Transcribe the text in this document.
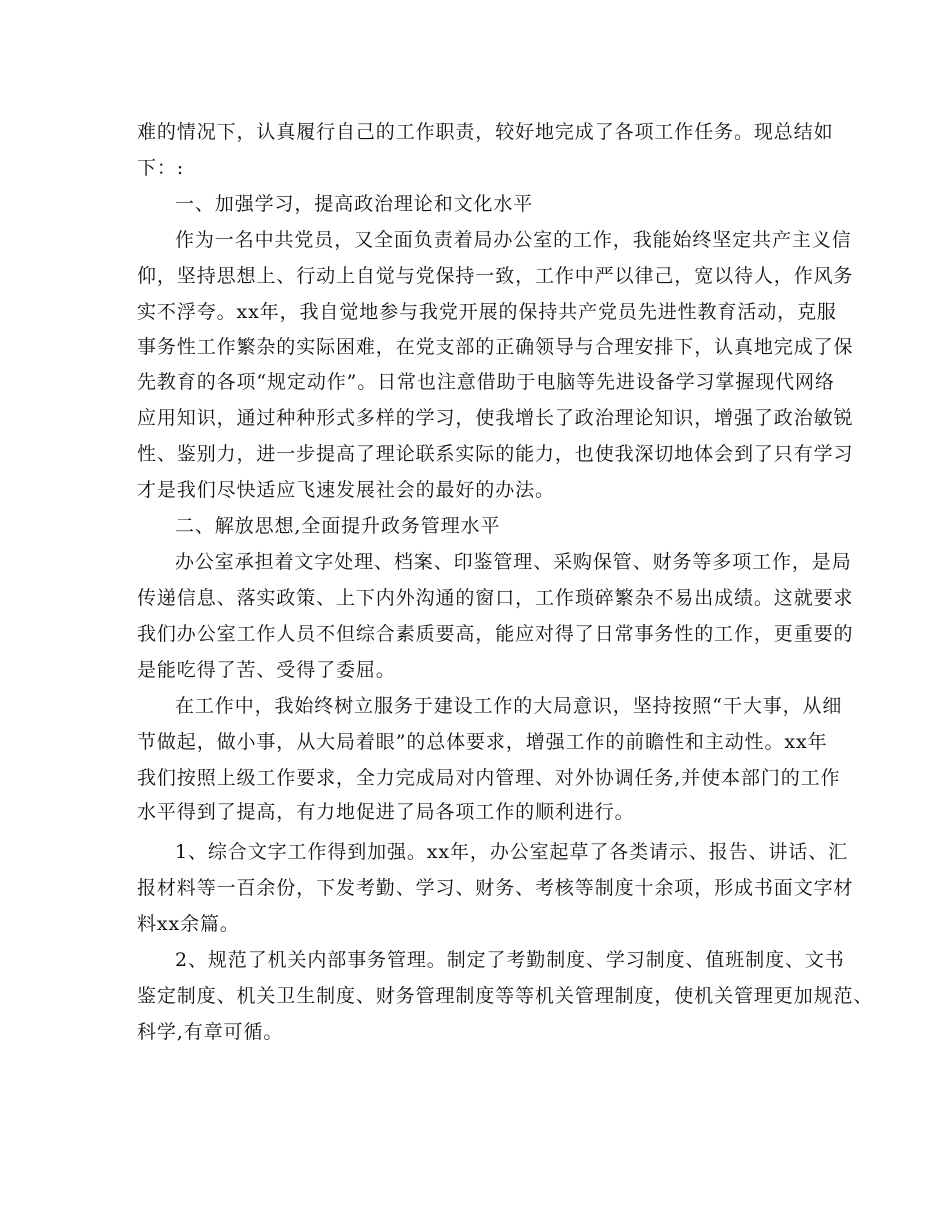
难的情况下，认真履行自己的工作职责，较好地完成了各项工作任务。现总结如
下：:
一、加强学习，提高政治理论和文化水平
作为一名中共党员，又全面负责着局办公室的工作，我能始终坚定共产主义信
仰，坚持思想上、行动上自觉与党保持一致，工作中严以律己，宽以待人，作风务
实不浮夸。xx年，我自觉地参与我党开展的保持共产党员先进性教育活动，克服
事务性工作繁杂的实际困难，在党支部的正确领导与合理安排下，认真地完成了保
先教育的各项“规定动作”。日常也注意借助于电脑等先进设备学习掌握现代网络
应用知识，通过种种形式多样的学习，使我增长了政治理论知识，增强了政治敏锐
性、鉴别力，进一步提高了理论联系实际的能力，也使我深切地体会到了只有学习
才是我们尽快适应飞速发展社会的最好的办法。
二、解放思想,全面提升政务管理水平
办公室承担着文字处理、档案、印鉴管理、采购保管、财务等多项工作，是局
传递信息、落实政策、上下内外沟通的窗口，工作琐碎繁杂不易出成绩。这就要求
我们办公室工作人员不但综合素质要高，能应对得了日常事务性的工作，更重要的
是能吃得了苦、受得了委屈。
在工作中，我始终树立服务于建设工作的大局意识，坚持按照“干大事，从细
节做起，做小事，从大局着眼”的总体要求，增强工作的前瞻性和主动性。xx年
我们按照上级工作要求，全力完成局对内管理、对外协调任务,并使本部门的工作
水平得到了提高，有力地促进了局各项工作的顺利进行。
1、综合文字工作得到加强。xx年，办公室起草了各类请示、报告、讲话、汇
报材料等一百余份，下发考勤、学习、财务、考核等制度十余项，形成书面文字材
料xx余篇。
2、规范了机关内部事务管理。制定了考勤制度、学习制度、值班制度、文书
鉴定制度、机关卫生制度、财务管理制度等等机关管理制度，使机关管理更加规范、
科学,有章可循。
